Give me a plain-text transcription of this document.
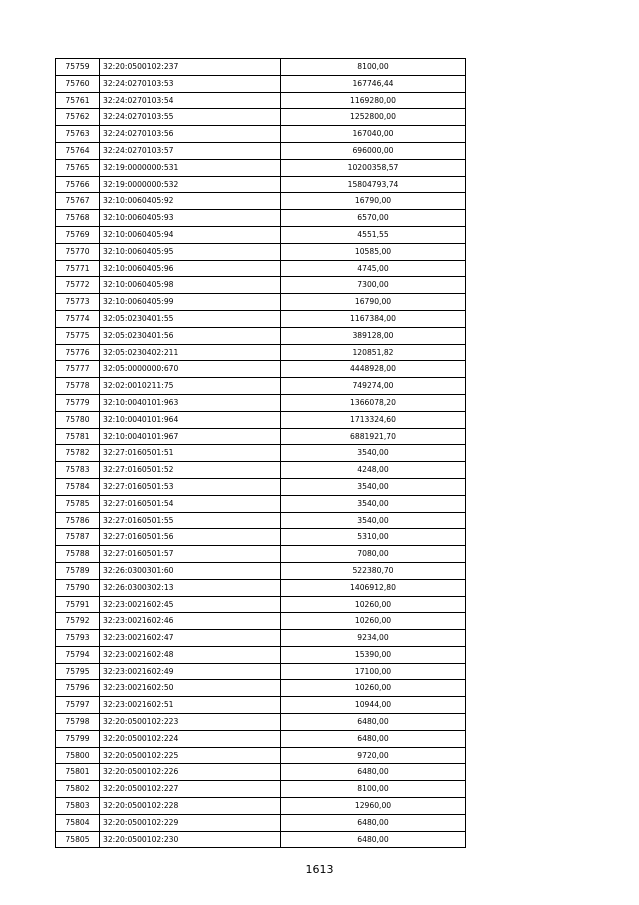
75759	32:20:0500102:237	8100,00
75760	32:24:0270103:53	167746,44
75761	32:24:0270103:54	1169280,00
75762	32:24:0270103:55	1252800,00
75763	32:24:0270103:56	167040,00
75764	32:24:0270103:57	696000,00
75765	32:19:0000000:531	10200358,57
75766	32:19:0000000:532	15804793,74
75767	32:10:0060405:92	16790,00
75768	32:10:0060405:93	6570,00
75769	32:10:0060405:94	4551,55
75770	32:10:0060405:95	10585,00
75771	32:10:0060405:96	4745,00
75772	32:10:0060405:98	7300,00
75773	32:10:0060405:99	16790,00
75774	32:05:0230401:55	1167384,00
75775	32:05:0230401:56	389128,00
75776	32:05:0230402:211	120851,82
75777	32:05:0000000:670	4448928,00
75778	32:02:0010211:75	749274,00
75779	32:10:0040101:963	1366078,20
75780	32:10:0040101:964	1713324,60
75781	32:10:0040101:967	6881921,70
75782	32:27:0160501:51	3540,00
75783	32:27:0160501:52	4248,00
75784	32:27:0160501:53	3540,00
75785	32:27:0160501:54	3540,00
75786	32:27:0160501:55	3540,00
75787	32:27:0160501:56	5310,00
75788	32:27:0160501:57	7080,00
75789	32:26:0300301:60	522380,70
75790	32:26:0300302:13	1406912,80
75791	32:23:0021602:45	10260,00
75792	32:23:0021602:46	10260,00
75793	32:23:0021602:47	9234,00
75794	32:23:0021602:48	15390,00
75795	32:23:0021602:49	17100,00
75796	32:23:0021602:50	10260,00
75797	32:23:0021602:51	10944,00
75798	32:20:0500102:223	6480,00
75799	32:20:0500102:224	6480,00
75800	32:20:0500102:225	9720,00
75801	32:20:0500102:226	6480,00
75802	32:20:0500102:227	8100,00
75803	32:20:0500102:228	12960,00
75804	32:20:0500102:229	6480,00
75805	32:20:0500102:230	6480,00
1613
